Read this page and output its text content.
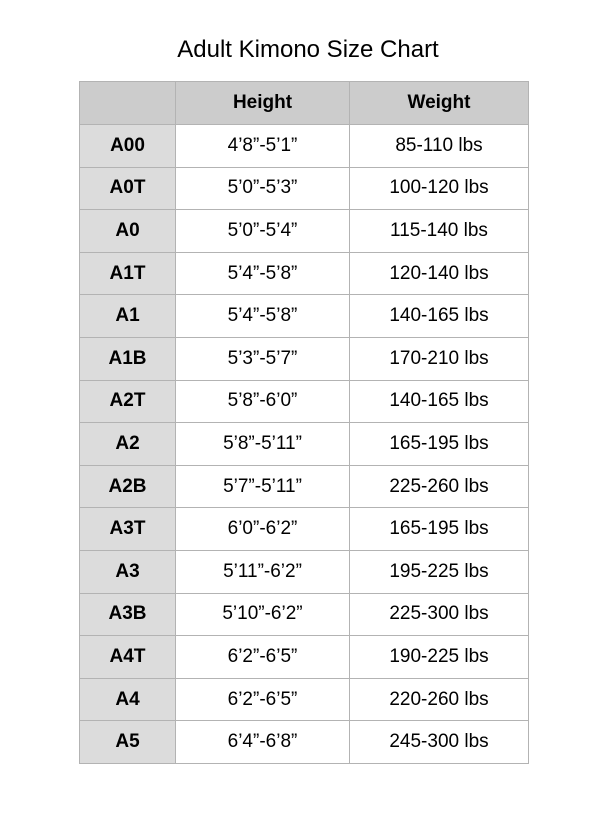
Adult Kimono Size Chart
	Height	Weight
A00	4’8”-5’1”	85-110 lbs
A0T	5’0”-5’3”	100-120 lbs
A0	5’0”-5’4”	115-140 lbs
A1T	5’4”-5’8”	120-140 lbs
A1	5’4”-5’8”	140-165 lbs
A1B	5’3”-5’7”	170-210 lbs
A2T	5’8”-6’0”	140-165 lbs
A2	5’8”-5’11”	165-195 lbs
A2B	5’7”-5’11”	225-260 lbs
A3T	6’0”-6’2”	165-195 lbs
A3	5’11”-6’2”	195-225 lbs
A3B	5’10”-6’2”	225-300 lbs
A4T	6’2”-6’5”	190-225 lbs
A4	6’2”-6’5”	220-260 lbs
A5	6’4”-6’8”	245-300 lbs
